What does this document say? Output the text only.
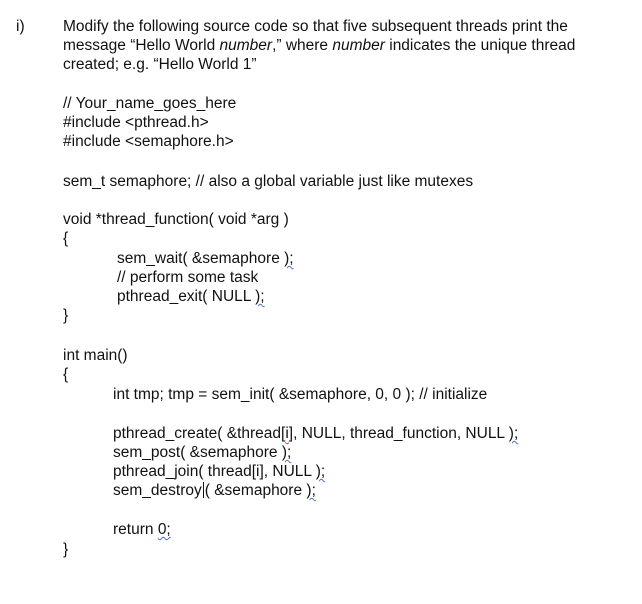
i) Modify the following source code so that five subsequent threads print the
message “Hello World number,” where number indicates the unique thread
created; e.g. “Hello World 1”
// Your_name_goes_here
#include <pthread.h>
#include <semaphore.h>
sem_t semaphore; // also a global variable just like mutexes
void *thread_function( void *arg )
{
sem_wait( &semaphore );
// perform some task
pthread_exit( NULL );
}
int main()
{
int tmp; tmp = sem_init( &semaphore, 0, 0 ); // initialize
pthread_create( &thread[i], NULL, thread_function, NULL );
sem_post( &semaphore );
pthread_join( thread[i], NULL );
sem_destroy ( &semaphore );
return 0;
}
